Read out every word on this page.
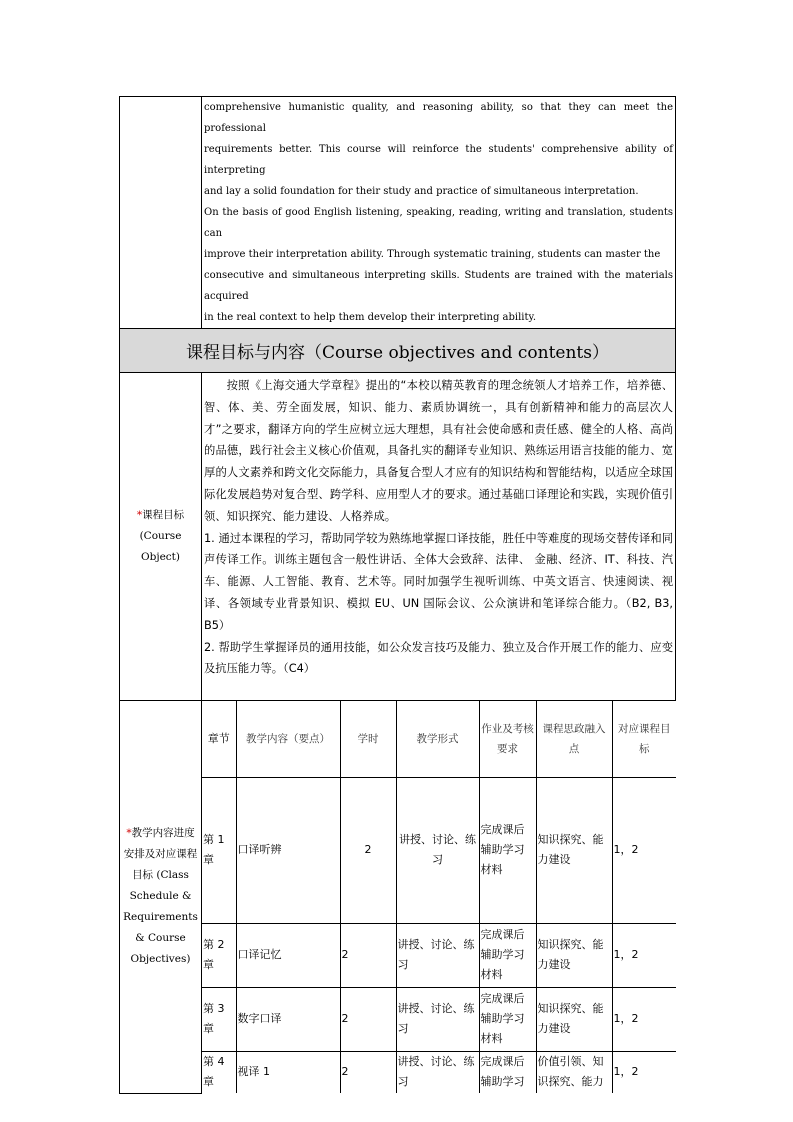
comprehensive humanistic quality, and reasoning ability, so that they can meet the professional
requirements better. This course will reinforce the students' comprehensive ability of interpreting
and lay a solid foundation for their study and practice of simultaneous interpretation.
On the basis of good English listening, speaking, reading, writing and translation, students can
improve their interpretation ability. Through systematic training, students can master the
consecutive and simultaneous interpreting skills. Students are trained with the materials acquired
in the real context to help them develop their interpreting ability.

课程目标与内容（Course objectives and contents）

*课程目标
(Course Object)

按照《上海交通大学章程》提出的“本校以精英教育的理念统领人才培养工作，培养德、智、体、美、劳全面发展，知识、能力、素质协调统一，具有创新精神和能力的高层次人才”之要求，翻译方向的学生应树立远大理想，具有社会使命感和责任感、健全的人格、高尚的品德，践行社会主义核心价值观，具备扎实的翻译专业知识、熟练运用语言技能的能力、宽厚的人文素养和跨文化交际能力，具备复合型人才应有的知识结构和智能结构，以适应全球国际化发展趋势对复合型、跨学科、应用型人才的要求。通过基础口译理论和实践，实现价值引领、知识探究、能力建设、人格养成。

1. 通过本课程的学习，帮助同学较为熟练地掌握口译技能，胜任中等难度的现场交替传译和同声传译工作。训练主题包含一般性讲话、全体大会致辞、法律、 金融、经济、IT、科技、汽车、能源、人工智能、教育、艺术等。同时加强学生视听训练、中英文语言、快速阅读、视译、各领域专业背景知识、模拟 EU、UN 国际会议、公众演讲和笔译综合能力。（B2, B3, B5）

2. 帮助学生掌握译员的通用技能，如公众发言技巧及能力、独立及合作开展工作的能力、应变及抗压能力等。（C4）

*教学内容进度安排及对应课程目标 (Class Schedule & Requirements & Course Objectives)	
章节	教学内容（要点）	学时	教学形式	作业及考核要求	课程思政融入点	对应课程目标
第 1 章	口译听辨	2	讲授、讨论、练习	完成课后辅助学习材料	知识探究、能力建设	1，2
第 2 章	口译记忆	2	讲授、讨论、练习	完成课后辅助学习材料	知识探究、能力建设	1，2
第 3 章	数字口译	2	讲授、讨论、练习	完成课后辅助学习材料	知识探究、能力建设	1，2
第 4 章	视译 1	2	讲授、讨论、练习	完成课后辅助学习	价值引领、知识探究、能力	1，2
